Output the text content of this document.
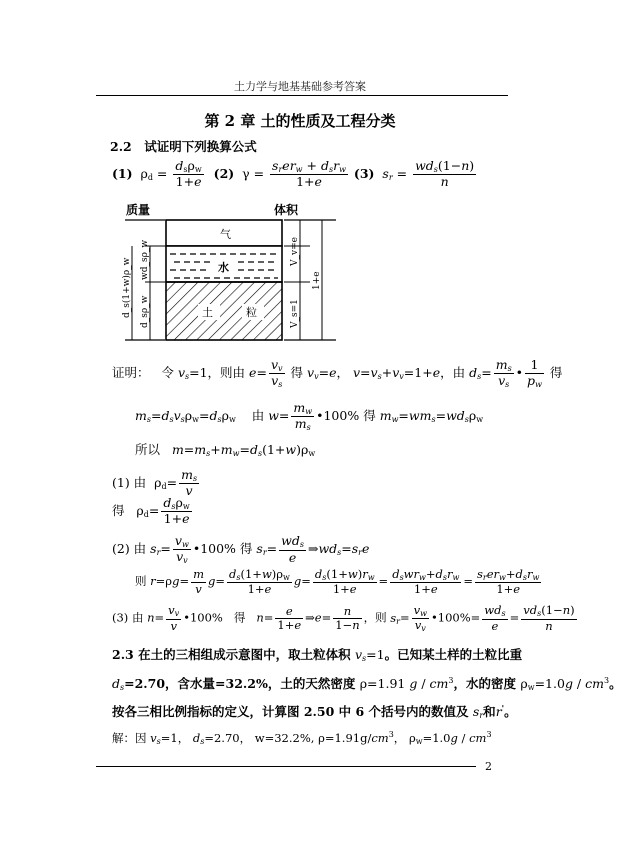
土力学与地基基础参考答案
第 2 章 土的性质及工程分类
2.2　试证明下列换算公式
(1)  $\rho_d = \frac{d_s\rho_w}{1+e} (2) \gamma = \frac{s_rer_w + d_sr_w}{1+e} (3) s_r = \frac{wd_s(1-n)}{n}$
质量	体积
气
水
土	粒
d_s(1+w)ρ_w wd_sρ_w
d_sρ_w
V_v=e
1+e
V_s=1
证明： 令 $v_s=1$，则由 $e= \frac{v_v}{v_s}$ 得 $v_v=e$， $v=v_s+v_v=1+e$，由 $d_s= \frac{m_s}{v_s}$ • $\frac{1}{p_w}$ 得
$m_s=d_sv_s\rho_w=d_s\rho_w$ 由 $w= \frac{m_w}{m_s}$ •100% 得 $m_w=wm_s=wd_s\rho_w$
所以 $m=m_s+m_w=d_s(1+w)\rho_w$
(1) 由  $\rho_d= \frac{m_s}{v}$
得   $\rho_d= \frac{d_s\rho_w}{1+e}$
(2) 由 $s_r= \frac{v_w}{v_v}$ •100% 得 $s_r= \frac{wd_s}{e}$ $\Rightarrow wd_s=s_re$
则 $r=\rho g= \frac{m}{v} g= \frac{d_s(1+w)\rho_w}{1+e} g= \frac{d_s(1+w)r_w}{1+e} = \frac{d_swr_w+d_sr_w}{1+e} = \frac{s_rer_w+d_sr_w}{1+e}$
(3) 由 $n= \frac{v_v}{v}$ •100%   得 $n= \frac{e}{1+e}$ ⇒e= $\frac{n}{1-n}$ ，则 $s_r= \frac{v_w}{v_v}$ •100%= $\frac{wd_s}{e} = \frac{vd_s(1-n)}{n}$
2.3 在土的三相组成示意图中，取土粒体积 $v_s=1$。已知某土样的土粒比重
$d_s=2.70$，含水量=32.2%，土的天然密度 ρ=1.91 g / $cm^3$，水的密度 $\rho_w=1.0g / cm^3$。
按各三相比例指标的定义，计算图 2.50 中 6 个括号内的数值及 $s_r$和r'。
解：因 $v_s=1$， $d_s=2.70$， w=32.2%, $\rho=1.91g/cm^3$， $\rho_w=1.0g / cm^3$
2
